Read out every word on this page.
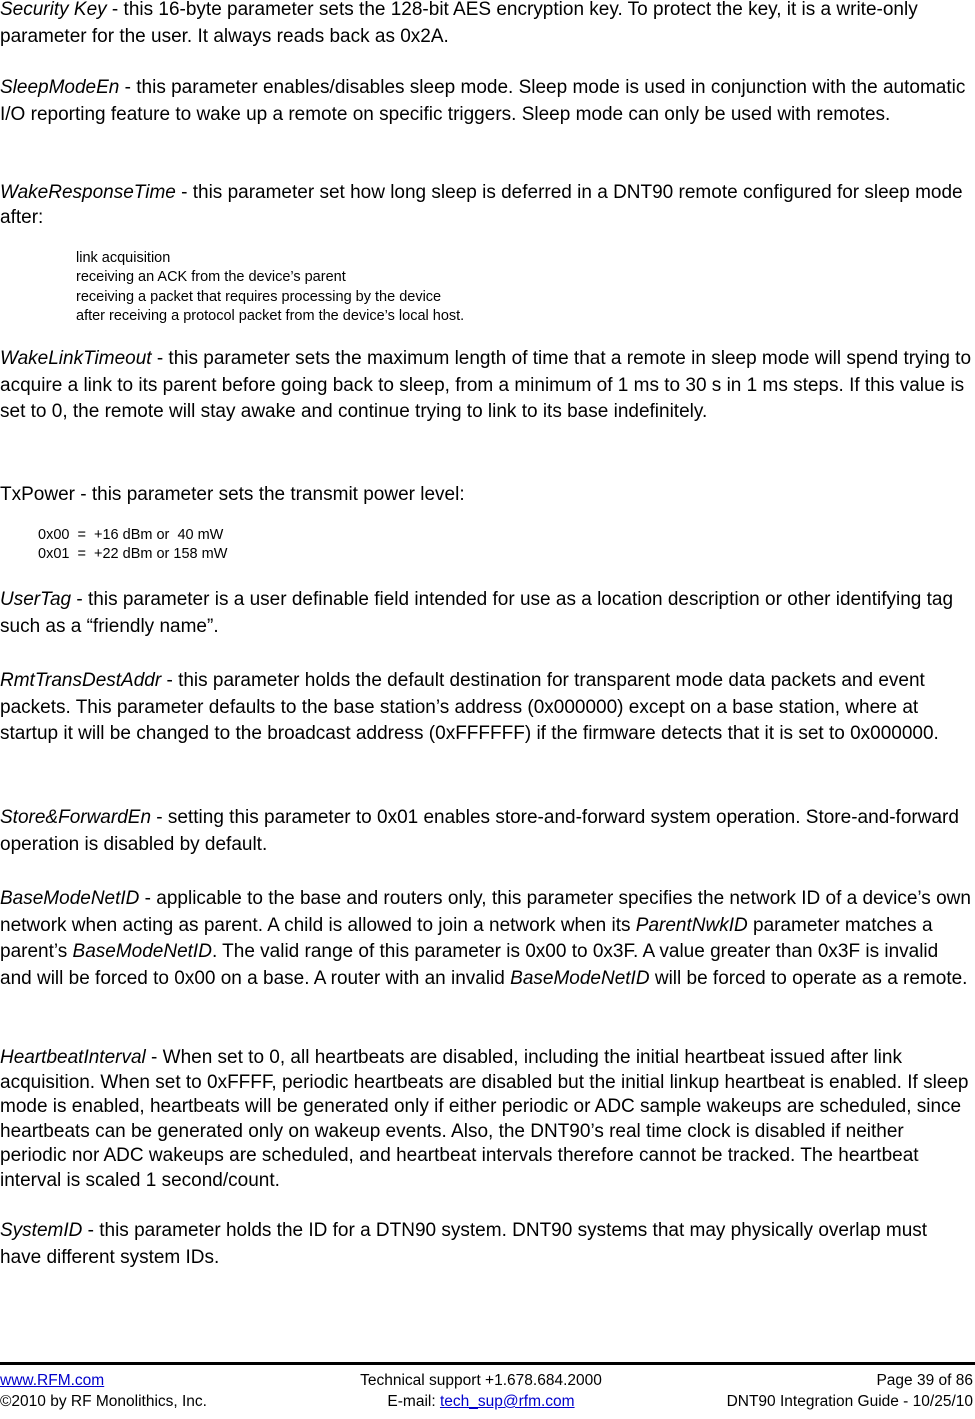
Security Key - this 16-byte parameter sets the 128-bit AES encryption key. To protect the key, it is a write-only parameter for the user. It always reads back as 0x2A.

SleepModeEn - this parameter enables/disables sleep mode. Sleep mode is used in conjunction with the automatic I/O reporting feature to wake up a remote on specific triggers. Sleep mode can only be used with remotes.

WakeResponseTime - this parameter set how long sleep is deferred in a DNT90 remote configured for sleep mode after:

link acquisition
receiving an ACK from the device’s parent
receiving a packet that requires processing by the device
after receiving a protocol packet from the device’s local host.

WakeLinkTimeout - this parameter sets the maximum length of time that a remote in sleep mode will spend trying to acquire a link to its parent before going back to sleep, from a minimum of 1 ms to 30 s in 1 ms steps. If this value is set to 0, the remote will stay awake and continue trying to link to its base indefinitely.

TxPower - this parameter sets the transmit power level:

0x00  =  +16 dBm or  40 mW
0x01  =  +22 dBm or 158 mW

UserTag - this parameter is a user definable field intended for use as a location description or other identifying tag such as a “friendly name”.

RmtTransDestAddr - this parameter holds the default destination for transparent mode data packets and event packets. This parameter defaults to the base station’s address (0x000000) except on a base station, where at startup it will be changed to the broadcast address (0xFFFFFF) if the firmware detects that it is set to 0x000000.

Store&ForwardEn - setting this parameter to 0x01 enables store-and-forward system operation. Store-and-forward operation is disabled by default.

BaseModeNetID - applicable to the base and routers only, this parameter specifies the network ID of a device’s own network when acting as parent. A child is allowed to join a network when its ParentNwkID parameter matches a parent’s BaseModeNetID. The valid range of this parameter is 0x00 to 0x3F. A value greater than 0x3F is invalid and will be forced to 0x00 on a base. A router with an invalid BaseModeNetID will be forced to operate as a remote.

HeartbeatInterval - When set to 0, all heartbeats are disabled, including the initial heartbeat issued after link acquisition. When set to 0xFFFF, periodic heartbeats are disabled but the initial linkup heartbeat is enabled. If sleep mode is enabled, heartbeats will be generated only if either periodic or ADC sample wakeups are scheduled, since heartbeats can be generated only on wakeup events. Also, the DNT90’s real time clock is disabled if neither periodic nor ADC wakeups are scheduled, and heartbeat intervals therefore cannot be tracked. The heartbeat interval is scaled 1 second/count.

SystemID - this parameter holds the ID for a DTN90 system. DNT90 systems that may physically overlap must have different system IDs.

www.RFM.com
©2010 by RF Monolithics, Inc.
Technical support +1.678.684.2000
E-mail: tech_sup@rfm.com
Page 39 of 86
DNT90 Integration Guide - 10/25/10
